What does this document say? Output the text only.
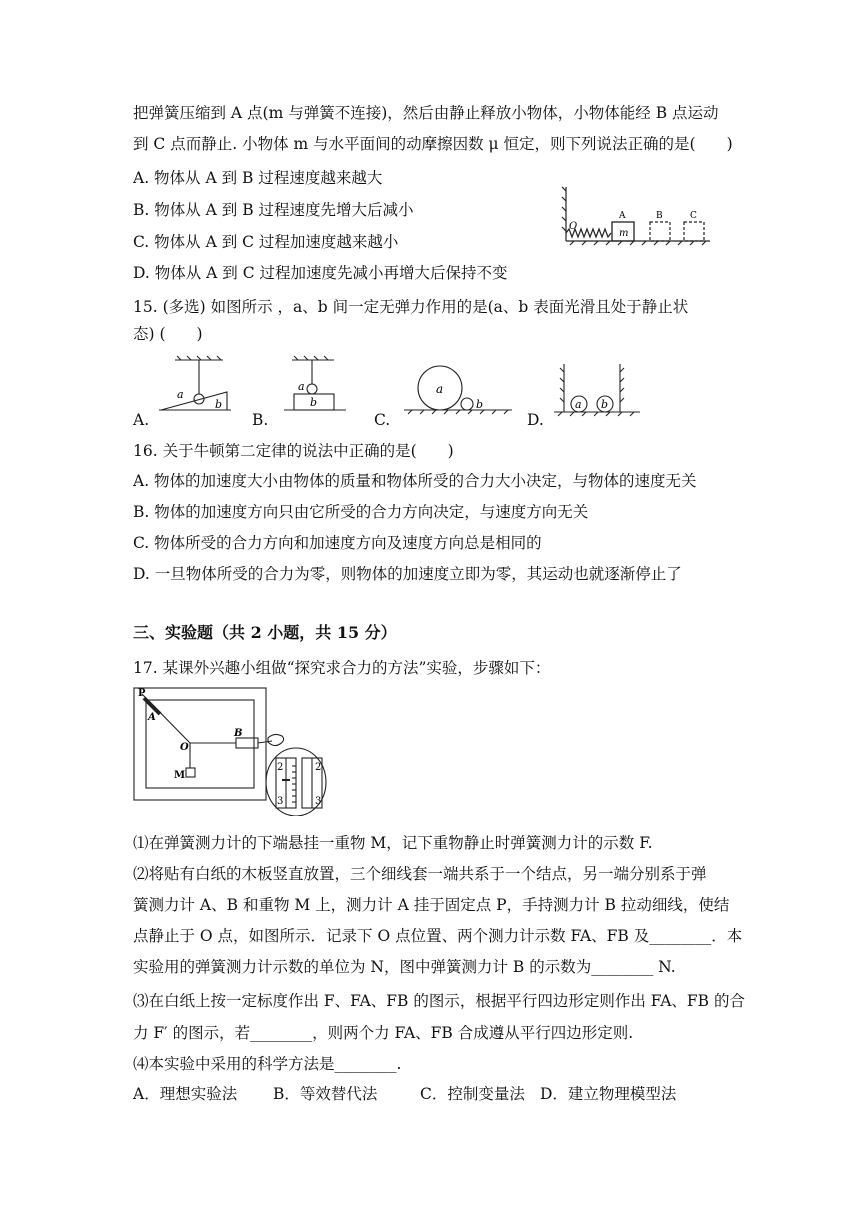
把弹簧压缩到 A 点(m 与弹簧不连接)，然后由静止释放小物体，小物体能经 B 点运动
到 C 点而静止. 小物体 m 与水平面间的动摩擦因数 μ 恒定，则下列说法正确的是(　　)
A. 物体从 A 到 B 过程速度越来越大
B. 物体从 A 到 B 过程速度先增大后减小
C. 物体从 A 到 C 过程加速度越来越小
D. 物体从 A 到 C 过程加速度先减小再增大后保持不变
O
A
m
B	C
15. (多选) 如图所示 ，a、b 间一定无弹力作用的是(a、b 表面光滑且处于静止状
态) (　　)
A.
a
b
B.
a
b
C.
a
b
D.
a b
16. 关于牛顿第二定律的说法中正确的是(　　)
A. 物体的加速度大小由物体的质量和物体所受的合力大小决定，与物体的速度无关
B. 物体的加速度方向只由它所受的合力方向决定，与速度方向无关
C. 物体所受的合力方向和加速度方向及速度方向总是相同的
D. 一旦物体所受的合力为零，则物体的加速度立即为零，其运动也就逐渐停止了
三、实验题（共 2 小题，共 15 分）
17. 某课外兴趣小组做“探究求合力的方法”实验，步骤如下：
P
A
O
B
M
2
3
2
3
⑴在弹簧测力计的下端悬挂一重物 M，记下重物静止时弹簧测力计的示数 F.
⑵将贴有白纸的木板竖直放置，三个细线套一端共系于一个结点，另一端分别系于弹
簧测力计 A、B 和重物 M 上，测力计 A 挂于固定点 P，手持测力计 B 拉动细线，使结
点静止于 O 点，如图所示．记录下 O 点位置、两个测力计示数 FA、FB 及________．本
实验用的弹簧测力计示数的单位为 N，图中弹簧测力计 B 的示数为________ N.
⑶在白纸上按一定标度作出 F、FA、FB 的图示，根据平行四边形定则作出 FA、FB 的合
力 F′ 的图示，若________，则两个力 FA、FB 合成遵从平行四边形定则.
⑷本实验中采用的科学方法是________.
A．理想实验法 B．等效替代法	C．控制变量法 D．建立物理模型法
